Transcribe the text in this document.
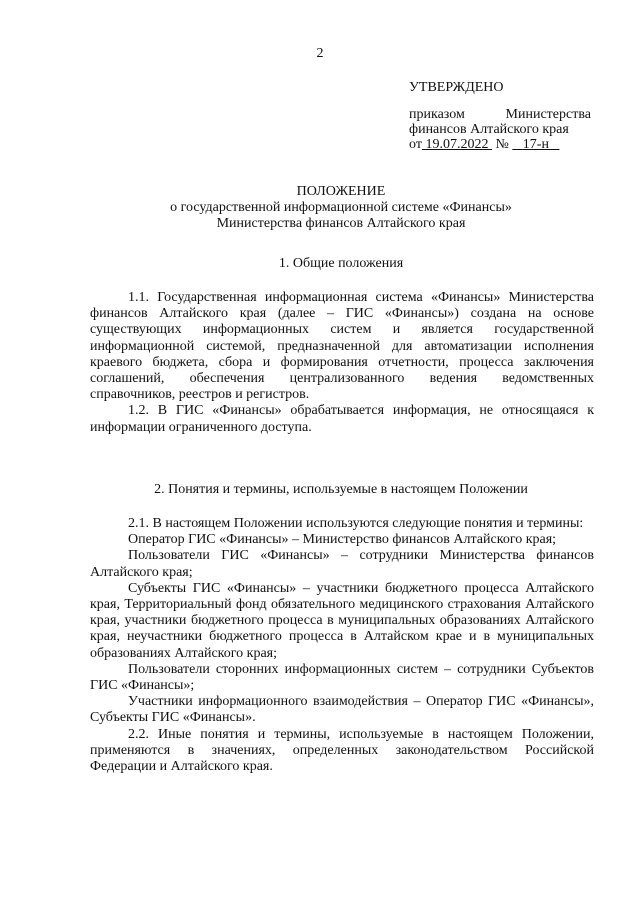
2
УТВЕРЖДЕНО
приказом	Министерства
финансов Алтайского края
от 19.07.2022 № 17-н
ПОЛОЖЕНИЕ
о государственной информационной системе «Финансы»
Министерства финансов Алтайского края
1. Общие положения

1.1. Государственная информационная система «Финансы» Министерства финансов Алтайского края (далее – ГИС «Финансы») создана на основе существующих информационных систем и является государственной информационной системой, предназначенной для автоматизации исполнения краевого бюджета, сбора и формирования отчетности, процесса заключения соглашений, обеспечения централизованного ведения ведомственных справочников, реестров и регистров.

1.2. В ГИС «Финансы» обрабатывается информация, не относящаяся к информации ограниченного доступа.

2. Понятия и термины, используемые в настоящем Положении

2.1. В настоящем Положении используются следующие понятия и термины:

Оператор ГИС «Финансы» – Министерство финансов Алтайского края;

Пользователи ГИС «Финансы» – сотрудники Министерства финансов Алтайского края;

Субъекты ГИС «Финансы» – участники бюджетного процесса Алтайского края, Территориальный фонд обязательного медицинского страхования Алтайского края, участники бюджетного процесса в муниципальных образованиях Алтайского края, неучастники бюджетного процесса в Алтайском крае и в муниципальных образованиях Алтайского края;

Пользователи сторонних информационных систем – сотрудники Субъектов ГИС «Финансы»;

Участники информационного взаимодействия – Оператор ГИС «Финансы», Субъекты ГИС «Финансы».

2.2. Иные понятия и термины, используемые в настоящем Положении, применяются в значениях, определенных законодательством Российской Федерации и Алтайского края.
